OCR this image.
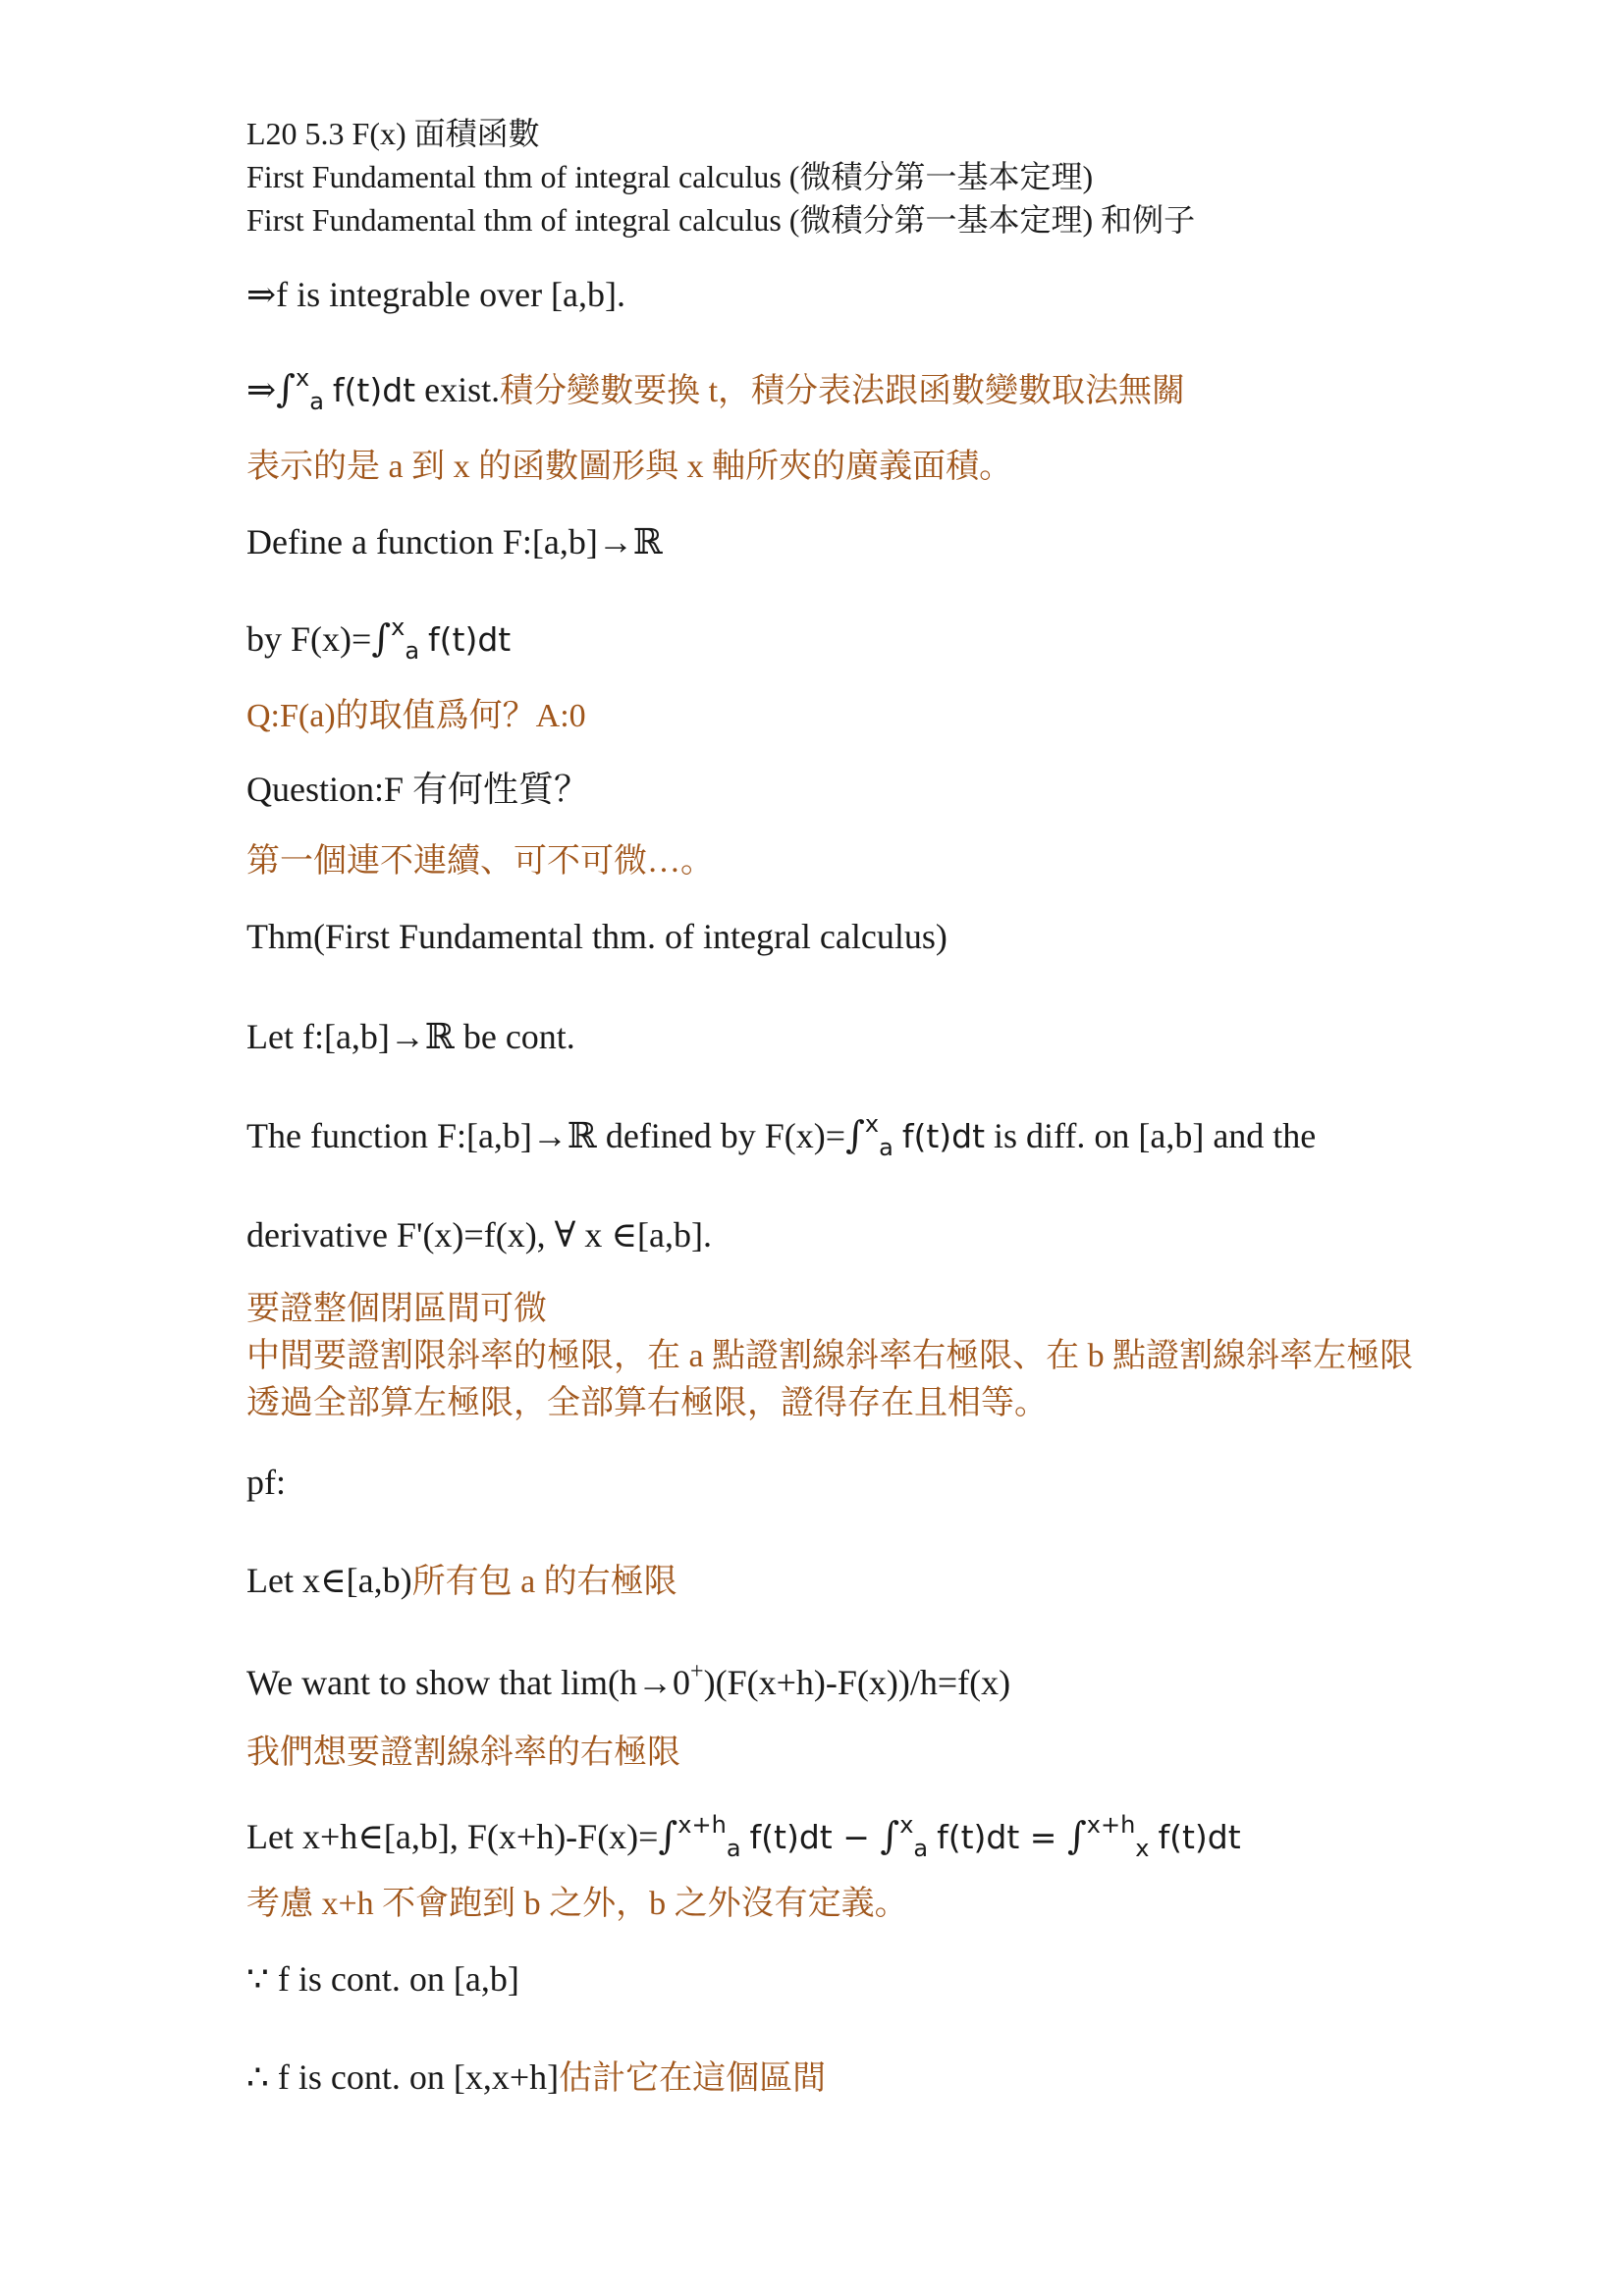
L20 5.3 F(x) 面積函數
First Fundamental thm of integral calculus (微積分第一基本定理)
First Fundamental thm of integral calculus (微積分第一基本定理) 和例子
⇒f is integrable over [a,b].
⇒∫$^x_a$ f(t)dt exist.積分變數要換 t，積分表法跟函數變數取法無關
表示的是 a 到 x 的函數圖形與 x 軸所夾的廣義面積。
Define a function F:[a,b]→ℝ
by F(x)=∫$^x_a$ f(t)dt
Q:F(a)的取值爲何？A:0
Question:F 有何性質？
第一個連不連續、可不可微…。
Thm(First Fundamental thm. of integral calculus)
Let f:[a,b]→ℝ be cont.
The function F:[a,b]→ℝ defined by F(x)=∫$^x_a$ f(t)dt is diff. on [a,b] and the
derivative F'(x)=f(x), ∀ x ∈[a,b].
要證整個閉區間可微
中間要證割限斜率的極限，在 a 點證割線斜率右極限、在 b 點證割線斜率左極限
透過全部算左極限，全部算右極限，證得存在且相等。
pf:
Let x∈[a,b)所有包 a 的右極限
We want to show that lim(h→0+)(F(x+h)-F(x))/h=f(x)
我們想要證割線斜率的右極限
Let x+h∈[a,b], F(x+h)-F(x)=∫$^{x+h}_a$ f(t)dt − ∫$^x_a$ f(t)dt = ∫$^{x+h}_x$ f(t)dt
考慮 x+h 不會跑到 b 之外，b 之外沒有定義。
∵ f is cont. on [a,b]
∴ f is cont. on [x,x+h]估計它在這個區間
